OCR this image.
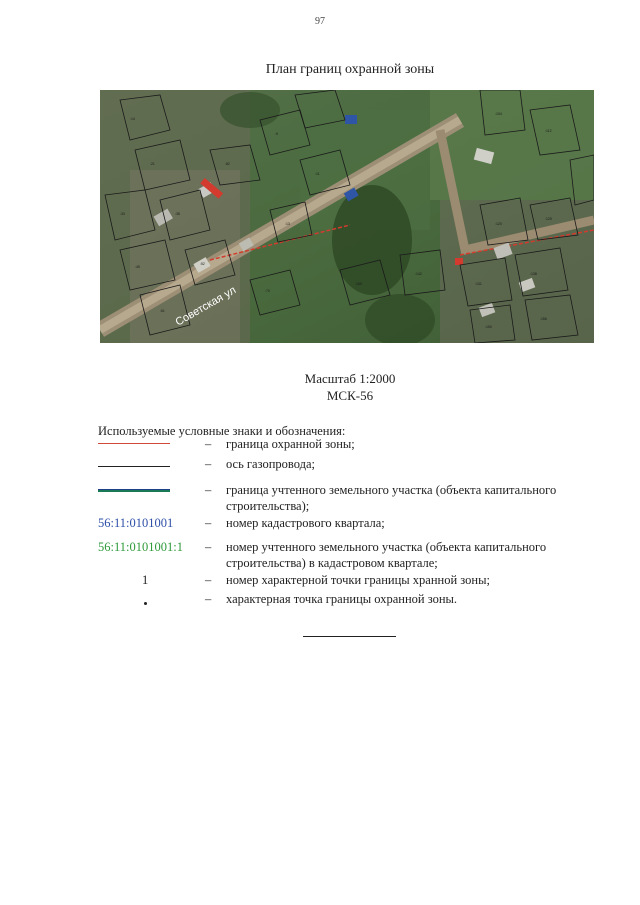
97
План границ охранной зоны
:14
:21
:33	:38
:45
:52
:61
:70
:82
:9
:11
:13
:104
:112
:120
:125
:131
:138
:142
:150
:156
:160
Советская ул
Масштаб 1:2000
МСК-56
Используемые условные знаки и обозначения:
– граница охранной зоны;
– ось газопровода;
– граница учтенного земельного участка (объекта капитального строительства);
56:11:0101001	– номер кадастрового квартала;
56:11:0101001:1	– номер учтенного земельного участка (объекта капитального строительства) в кадастровом квартале;
1	– номер характерной точки границы хранной зоны;
– характерная точка границы охранной зоны.
